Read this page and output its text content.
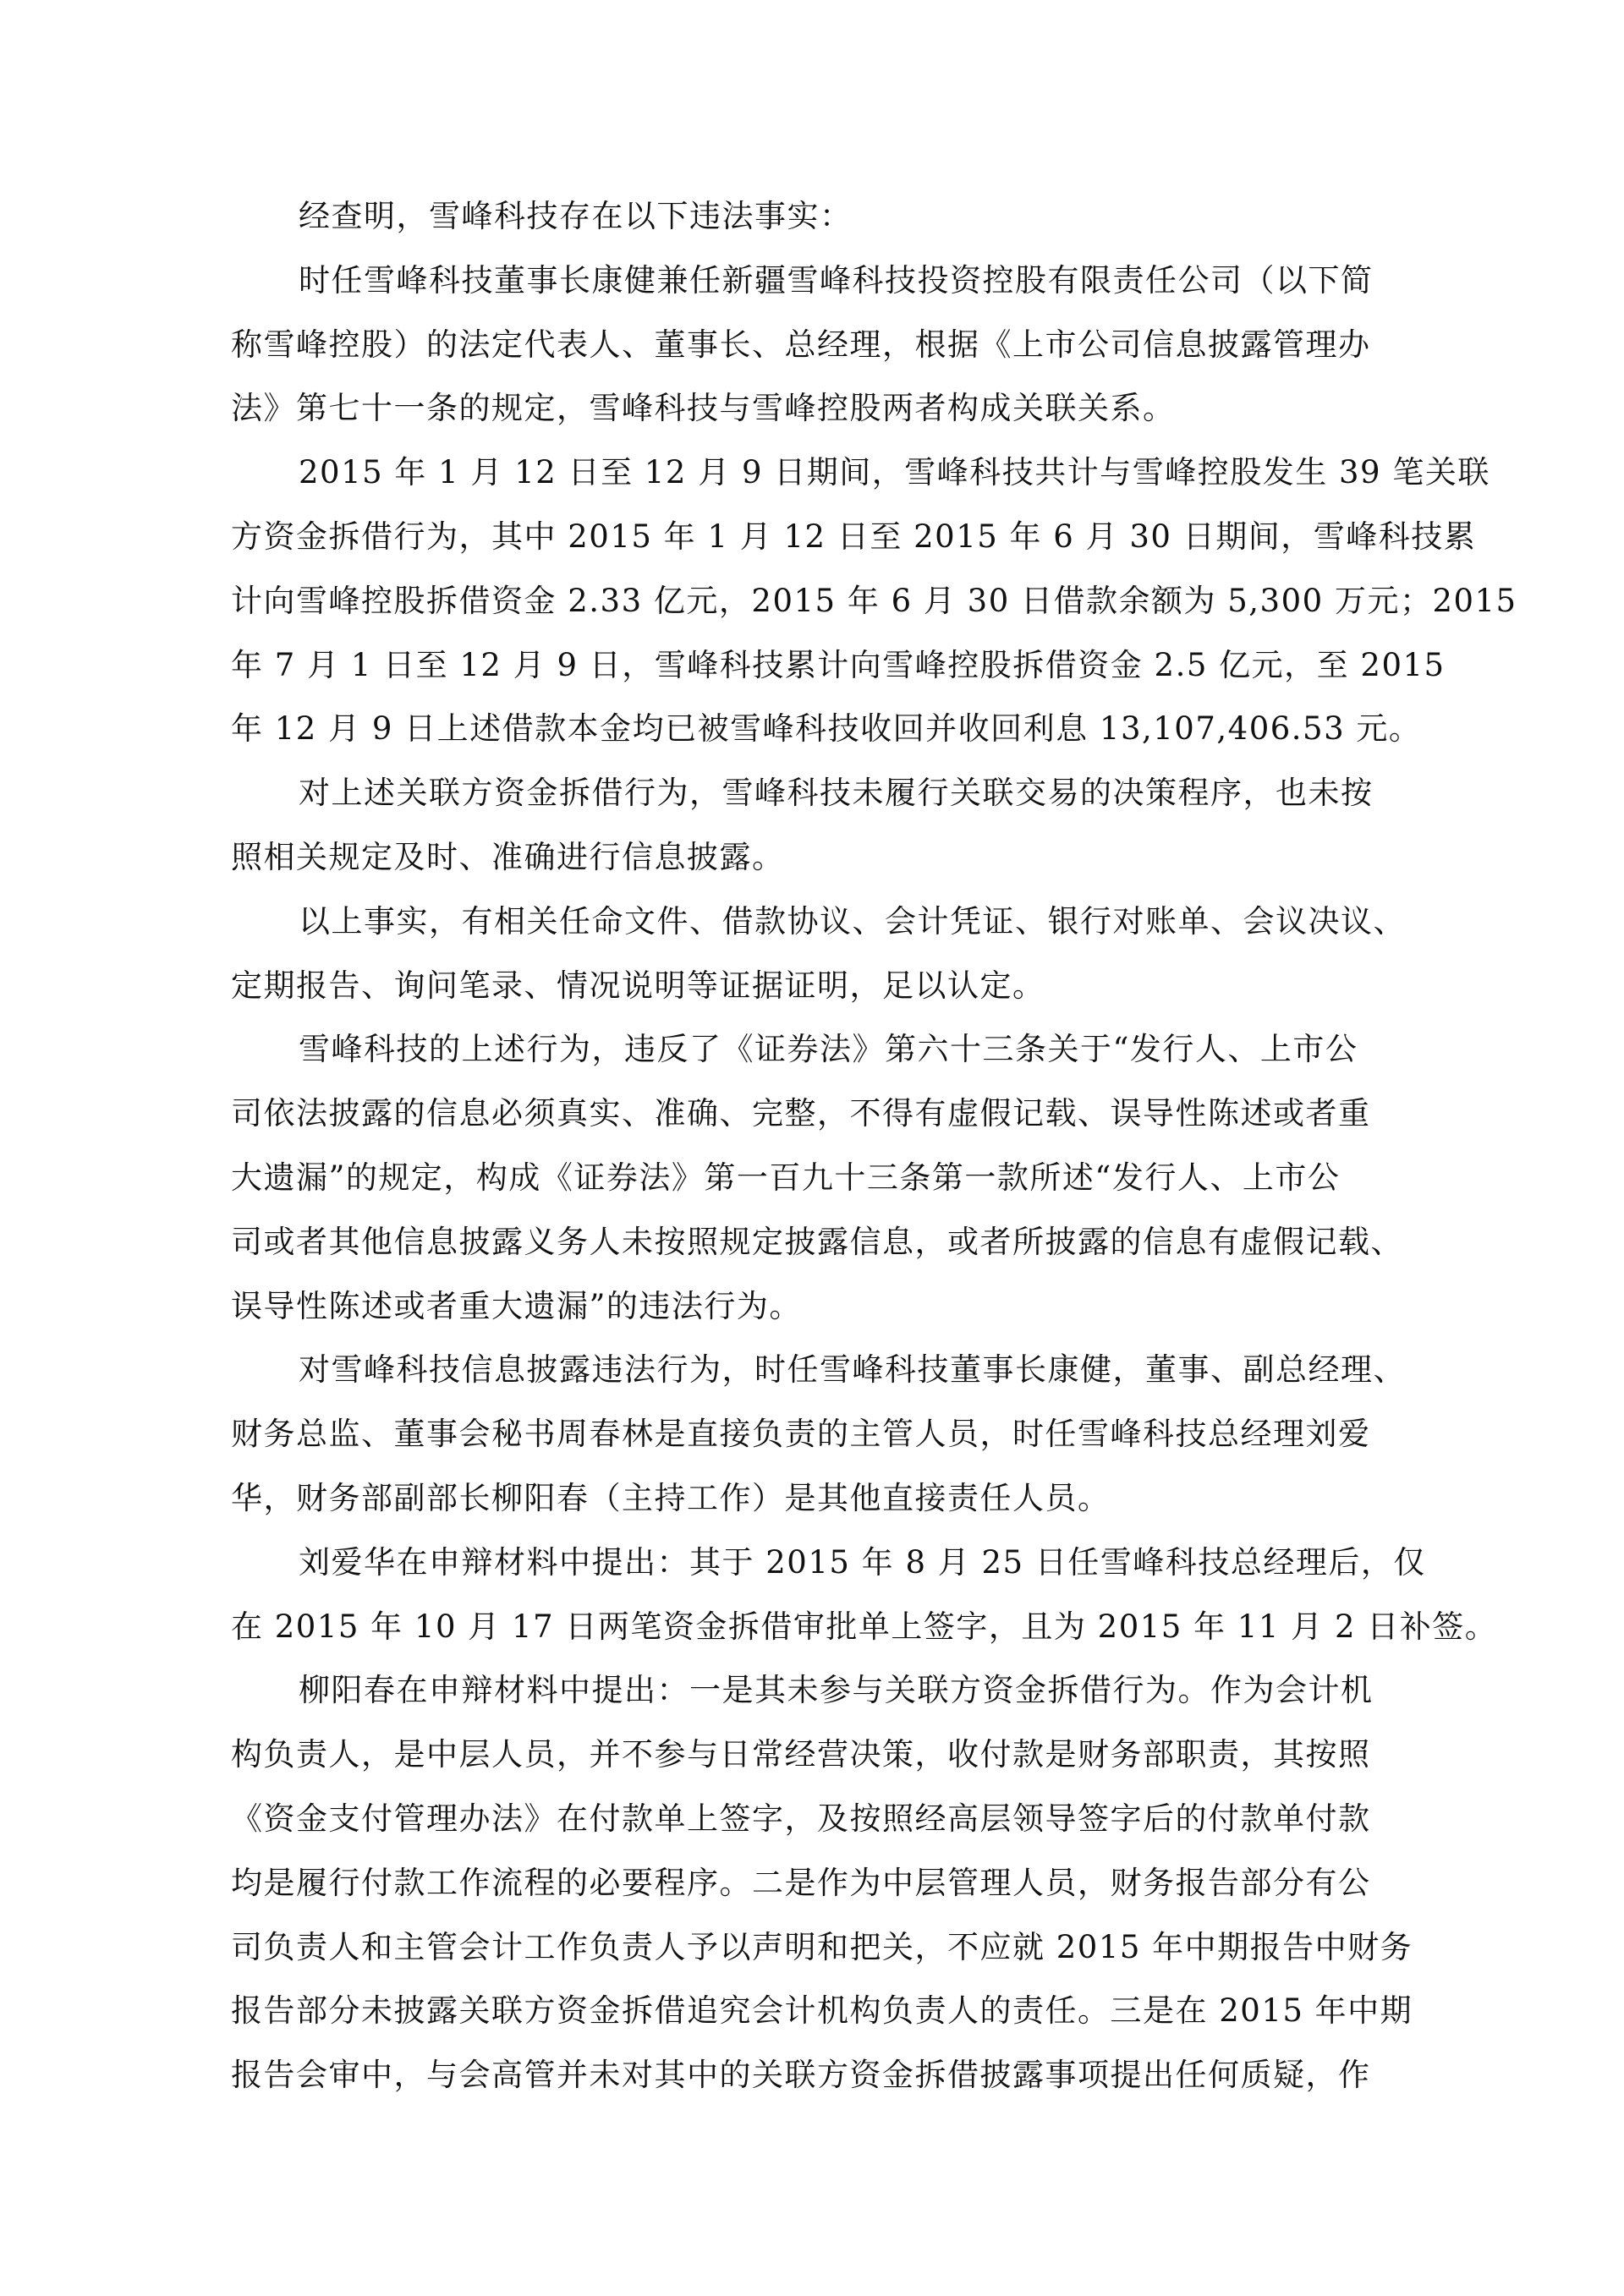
经查明，雪峰科技存在以下违法事实：
时任雪峰科技董事长康健兼任新疆雪峰科技投资控股有限责任公司（以下简
称雪峰控股）的法定代表人、董事长、总经理，根据《上市公司信息披露管理办
法》第七十一条的规定，雪峰科技与雪峰控股两者构成关联关系。
2015 年 1 月 12 日至 12 月 9 日期间，雪峰科技共计与雪峰控股发生 39 笔关联
方资金拆借行为，其中 2015 年 1 月 12 日至 2015 年 6 月 30 日期间，雪峰科技累
计向雪峰控股拆借资金 2.33 亿元，2015 年 6 月 30 日借款余额为 5,300 万元；2015
年 7 月 1 日至 12 月 9 日，雪峰科技累计向雪峰控股拆借资金 2.5 亿元，至 2015
年 12 月 9 日上述借款本金均已被雪峰科技收回并收回利息 13,107,406.53 元。
对上述关联方资金拆借行为，雪峰科技未履行关联交易的决策程序，也未按
照相关规定及时、准确进行信息披露。
以上事实，有相关任命文件、借款协议、会计凭证、银行对账单、会议决议、
定期报告、询问笔录、情况说明等证据证明，足以认定。
雪峰科技的上述行为，违反了《证券法》第六十三条关于“发行人、上市公
司依法披露的信息必须真实、准确、完整，不得有虚假记载、误导性陈述或者重
大遗漏”的规定，构成《证券法》第一百九十三条第一款所述“发行人、上市公
司或者其他信息披露义务人未按照规定披露信息，或者所披露的信息有虚假记载、
误导性陈述或者重大遗漏”的违法行为。
对雪峰科技信息披露违法行为，时任雪峰科技董事长康健，董事、副总经理、
财务总监、董事会秘书周春林是直接负责的主管人员，时任雪峰科技总经理刘爱
华，财务部副部长柳阳春（主持工作）是其他直接责任人员。
刘爱华在申辩材料中提出：其于 2015 年 8 月 25 日任雪峰科技总经理后，仅
在 2015 年 10 月 17 日两笔资金拆借审批单上签字，且为 2015 年 11 月 2 日补签。
柳阳春在申辩材料中提出：一是其未参与关联方资金拆借行为。作为会计机
构负责人，是中层人员，并不参与日常经营决策，收付款是财务部职责，其按照
《资金支付管理办法》在付款单上签字，及按照经高层领导签字后的付款单付款
均是履行付款工作流程的必要程序。二是作为中层管理人员，财务报告部分有公
司负责人和主管会计工作负责人予以声明和把关，不应就 2015 年中期报告中财务
报告部分未披露关联方资金拆借追究会计机构负责人的责任。三是在 2015 年中期
报告会审中，与会高管并未对其中的关联方资金拆借披露事项提出任何质疑，作
